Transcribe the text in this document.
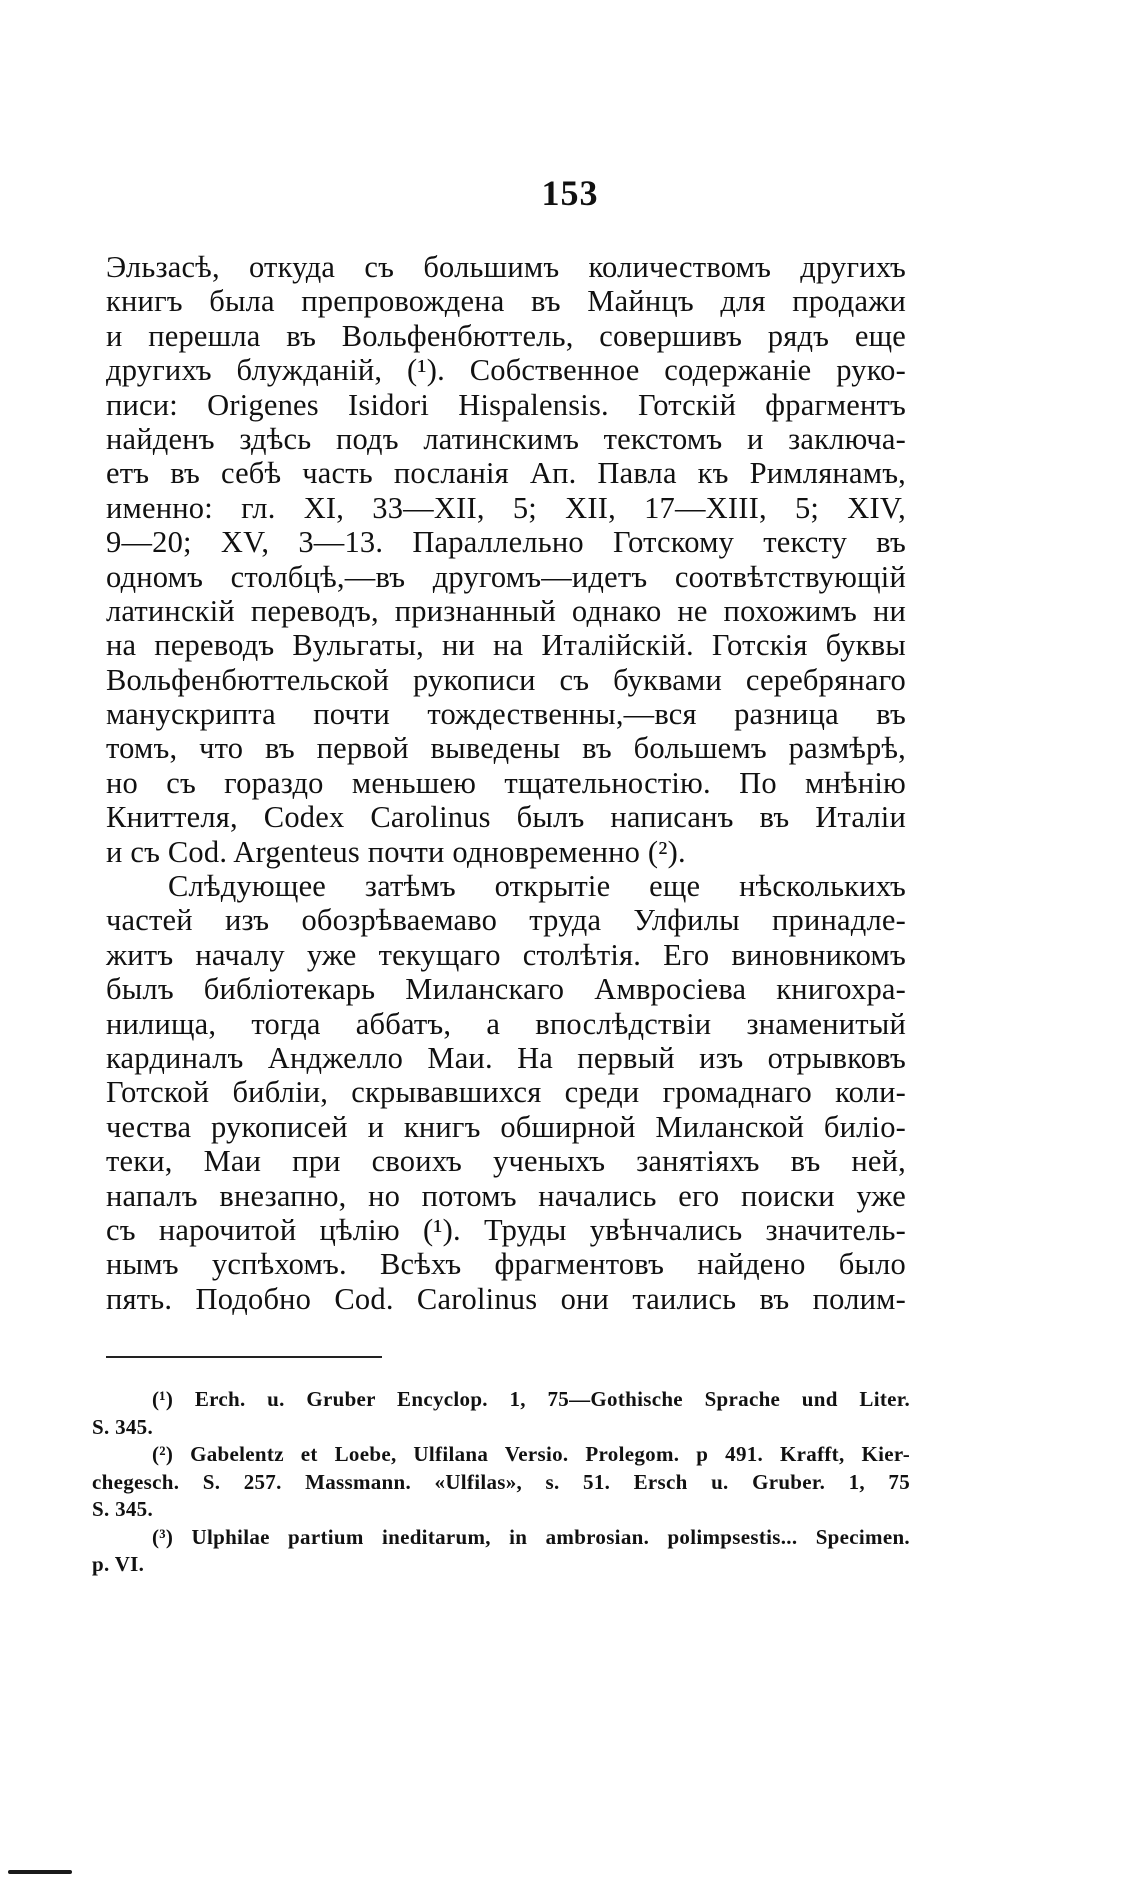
153
Эльзасѣ, откуда съ большимъ количествомъ другихъ
книгъ была препровождена въ Майнцъ для продажи
и перешла въ Вольфенбюттель, совершивъ рядъ еще
другихъ блужданій, (¹). Собственное содержаніе руко-
писи: Origenes Isidori Hispalensis. Готскій фрагментъ
найденъ здѣсь подъ латинскимъ текстомъ и заключа-
етъ въ себѣ часть посланія Ап. Павла къ Римлянамъ,
именно: гл. XI, 33—XII, 5; XII, 17—XIII, 5; XIV,
9—20; XV, 3—13. Параллельно Готскому тексту въ
одномъ столбцѣ,—въ другомъ—идетъ соотвѣтствующій
латинскій переводъ, признанный однако не похожимъ ни
на переводъ Вульгаты, ни на Италійскій. Готскія буквы
Вольфенбюттельской рукописи съ буквами серебрянаго
манускрипта почти тождественны,—вся разница въ
томъ, что въ первой выведены въ большемъ размѣрѣ,
но съ гораздо меньшею тщательностію. По мнѣнію
Книттеля, Codex Carolinus былъ написанъ въ Италіи
и съ Cod. Argenteus почти одновременно (²).
Слѣдующее затѣмъ открытіе еще нѣсколькихъ
частей изъ обозрѣваемаво труда Улфилы принадле-
житъ началу уже текущаго столѣтія. Его виновникомъ
былъ библіотекарь Миланскаго Амвросіева книгохра-
нилища, тогда аббатъ, а впослѣдствіи знаменитый
кардиналъ Анджелло Маи. На первый изъ отрывковъ
Готской библіи, скрывавшихся среди громаднаго коли-
чества рукописей и книгъ обширной Миланской биліо-
теки, Маи при своихъ ученыхъ занятіяхъ въ ней,
напалъ внезапно, но потомъ начались его поиски уже
съ нарочитой цѣлію (¹). Труды увѣнчались значитель-
нымъ успѣхомъ. Всѣхъ фрагментовъ найдено было
пять. Подобно Cod. Carolinus они таились въ полим-
(¹) Erch. u. Gruber Encyclop. 1, 75—Gothische Sprache und Liter.
S. 345.
(²) Gabelentz et Loebe, Ulfilana Versio. Prolegom. p 491. Krafft, Kier-
chegesch. S. 257. Massmann. «Ulfilas», s. 51. Ersch u. Gruber. 1, 75
S. 345.
(³) Ulphilae partium ineditarum, in ambrosian. polimpsestis... Specimen.
p. VI.
